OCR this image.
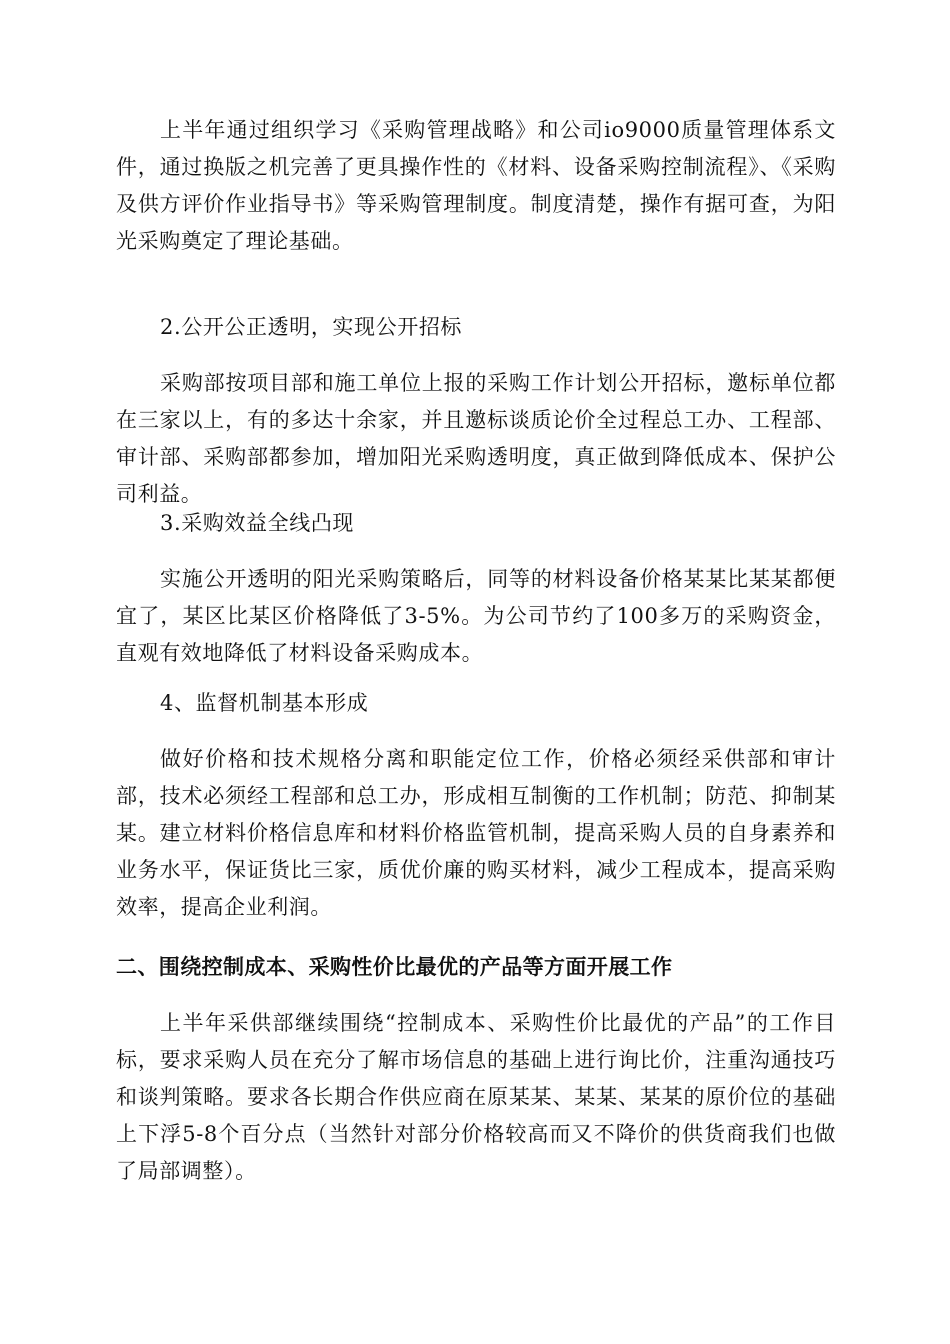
上半年通过组织学习《采购管理战略》和公司io9000质量管理体系文件，通过换版之机完善了更具操作性的《材料、设备采购控制流程》、《采购及供方评价作业指导书》等采购管理制度。制度清楚，操作有据可查，为阳光采购奠定了理论基础。

2.公开公正透明，实现公开招标

采购部按项目部和施工单位上报的采购工作计划公开招标，邀标单位都在三家以上，有的多达十余家，并且邀标谈质论价全过程总工办、工程部、审计部、采购部都参加，增加阳光采购透明度，真正做到降低成本、保护公司利益。

3.采购效益全线凸现

实施公开透明的阳光采购策略后，同等的材料设备价格某某比某某都便宜了，某区比某区价格降低了3-5%。为公司节约了100多万的采购资金，直观有效地降低了材料设备采购成本。

4、监督机制基本形成

做好价格和技术规格分离和职能定位工作，价格必须经采供部和审计部，技术必须经工程部和总工办，形成相互制衡的工作机制；防范、抑制某某。建立材料价格信息库和材料价格监管机制，提高采购人员的自身素养和业务水平，保证货比三家，质优价廉的购买材料，减少工程成本，提高采购效率，提高企业利润。

二、围绕控制成本、采购性价比最优的产品等方面开展工作

上半年采供部继续围绕“控制成本、采购性价比最优的产品”的工作目标，要求采购人员在充分了解市场信息的基础上进行询比价，注重沟通技巧和谈判策略。要求各长期合作供应商在原某某、某某、某某的原价位的基础上下浮5-8个百分点（当然针对部分价格较高而又不降价的供货商我们也做了局部调整）。
